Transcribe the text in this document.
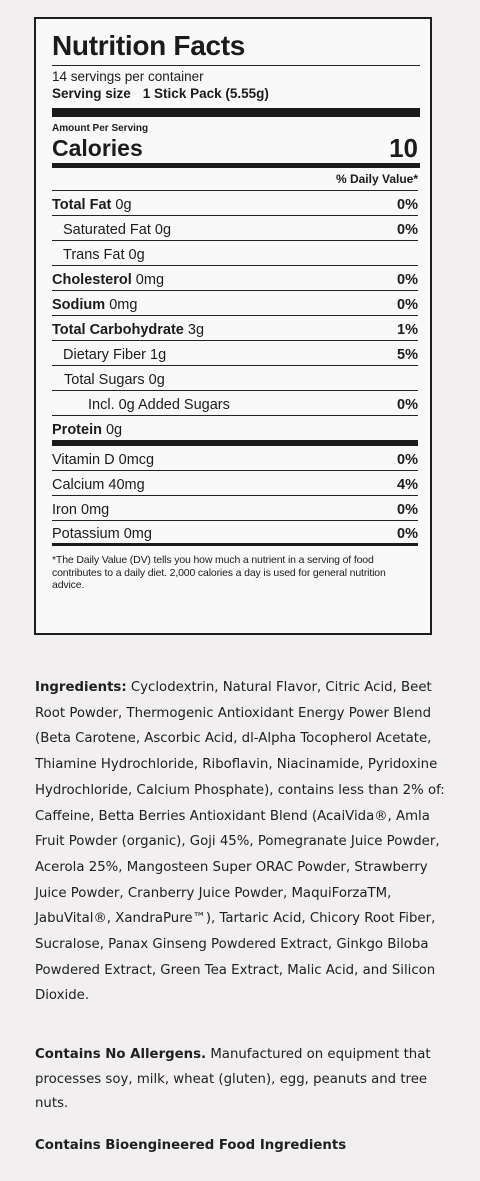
Nutrition Facts
14 servings per container
Serving size 1 Stick Pack (5.55g)
Amount Per Serving
Calories	10
% Daily Value*
Total Fat 0g	0%
Saturated Fat 0g	0%
Trans Fat 0g
Cholesterol 0mg	0%
Sodium 0mg	0%
Total Carbohydrate 3g	1%
Dietary Fiber 1g	5%
Total Sugars 0g
Incl. 0g Added Sugars	0%
Protein 0g
Vitamin D 0mcg	0%
Calcium 40mg	4%
Iron 0mg	0%
Potassium 0mg	0%
*The Daily Value (DV) tells you how much a nutrient in a serving of food contributes to a daily diet. 2,000 calories a day is used for general nutrition advice.
Ingredients: Cyclodextrin, Natural Flavor, Citric Acid, Beet Root Powder, Thermogenic Antioxidant Energy Power Blend (Beta Carotene, Ascorbic Acid, dl-Alpha Tocopherol Acetate, Thiamine Hydrochloride, Riboflavin, Niacinamide, Pyridoxine Hydrochloride, Calcium Phosphate), contains less than 2% of: Caffeine, Betta Berries Antioxidant Blend (AcaiVida®, Amla Fruit Powder (organic), Goji 45%, Pomegranate Juice Powder, Acerola 25%, Mangosteen Super ORAC Powder, Strawberry Juice Powder, Cranberry Juice Powder, MaquiForzaTM, JabuVital®, XandraPure™), Tartaric Acid, Chicory Root Fiber, Sucralose, Panax Ginseng Powdered Extract, Ginkgo Biloba Powdered Extract, Green Tea Extract, Malic Acid, and Silicon Dioxide.
Contains No Allergens. Manufactured on equipment that processes soy, milk, wheat (gluten), egg, peanuts and tree nuts.
Contains Bioengineered Food Ingredients
